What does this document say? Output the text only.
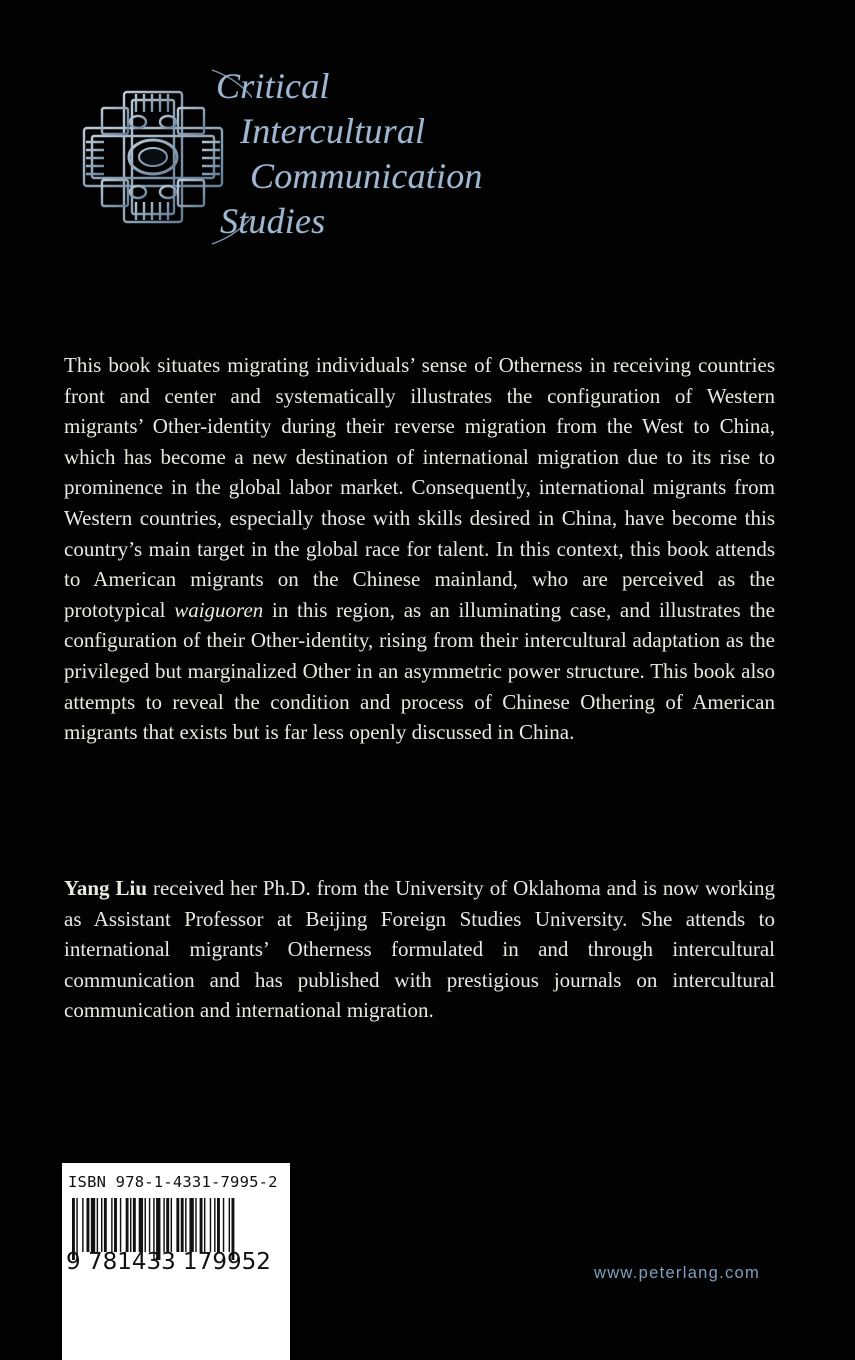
Critical
Intercultural
Communication
Studies

This book situates migrating individuals’ sense of Otherness in receiving countries front and center and systematically illustrates the configuration of Western migrants’ Other-identity during their reverse migration from the West to China, which has become a new destination of international migration due to its rise to prominence in the global labor market. Consequently, international migrants from Western countries, especially those with skills desired in China, have become this country’s main target in the global race for talent. In this context, this book attends to American migrants on the Chinese mainland, who are perceived as the prototypical waiguoren in this region, as an illuminating case, and illustrates the configuration of their Other-identity, rising from their intercultural adaptation as the privileged but marginalized Other in an asymmetric power structure. This book also attempts to reveal the condition and process of Chinese Othering of American migrants that exists but is far less openly discussed in China.

Yang Liu received her Ph.D. from the University of Oklahoma and is now working as Assistant Professor at Beijing Foreign Studies University. She attends to international migrants’ Otherness formulated in and through intercultural communication and has published with prestigious journals on intercultural communication and international migration.

ISBN 978-1-4331-7995-2
9 781433 179952	www.peterlang.com
